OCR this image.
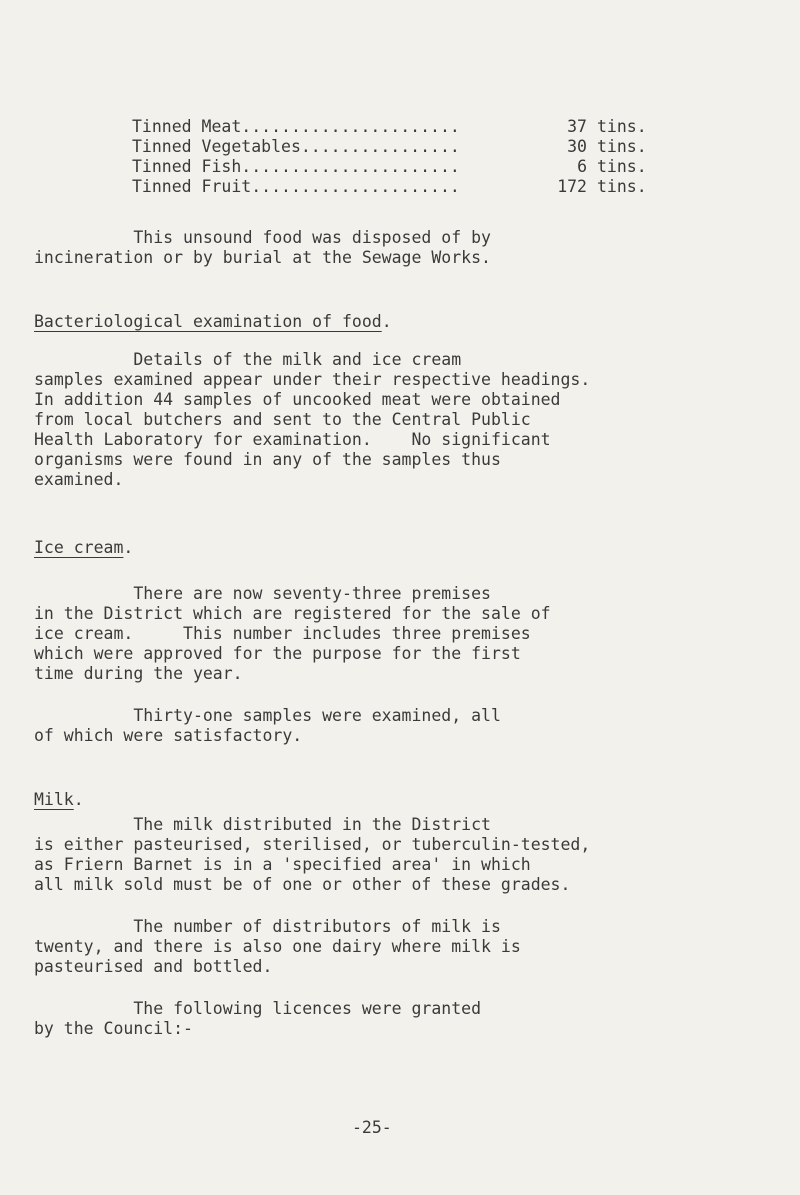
Tinned Meat......................	37 tins.
Tinned Vegetables................	30 tins.
Tinned Fish......................	6 tins.
Tinned Fruit.....................	172 tins.
This unsound food was disposed of by
incineration or by burial at the Sewage Works.
Bacteriological examination of food.
Details of the milk and ice cream
samples examined appear under their respective headings.
In addition 44 samples of uncooked meat were obtained
from local butchers and sent to the Central Public
Health Laboratory for examination.    No significant
organisms were found in any of the samples thus
examined.
Ice cream.
There are now seventy-three premises
in the District which are registered for the sale of
ice cream.     This number includes three premises
which were approved for the purpose for the first
time during the year.
Thirty-one samples were examined, all
of which were satisfactory.
Milk.
The milk distributed in the District
is either pasteurised, sterilised, or tuberculin-tested,
as Friern Barnet is in a 'specified area' in which
all milk sold must be of one or other of these grades.
The number of distributors of milk is
twenty, and there is also one dairy where milk is
pasteurised and bottled.
The following licences were granted
by the Council:-
-25-
